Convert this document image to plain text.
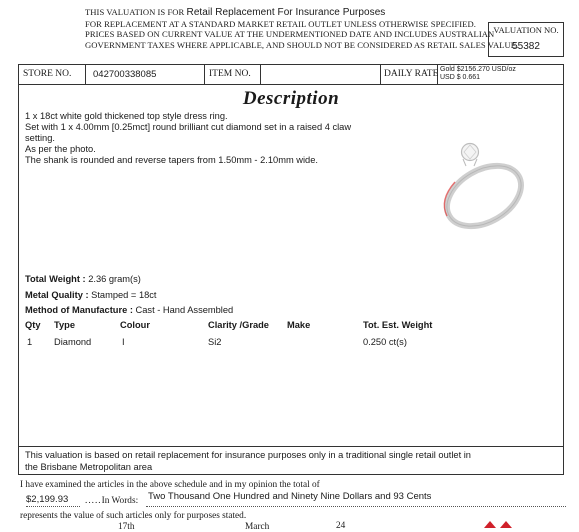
THIS VALUATION IS FOR Retail Replacement For Insurance Purposes
FOR REPLACEMENT AT A STANDARD MARKET RETAIL OUTLET UNLESS OTHERWISE SPECIFIED.
PRICES BASED ON CURRENT VALUE AT THE UNDERMENTIONED DATE AND INCLUDES AUSTRALIAN
GOVERNMENT TAXES WHERE APPLICABLE, AND SHOULD NOT BE CONSIDERED AS RETAIL SALES VALUE.
VALUATION NO.
55382
STORE NO. 042700338085	ITEM NO.	DAILY RATE Gold $2156.270 USD/oz
USD $ 0.661
Description
1 x 18ct white gold thickened top style dress ring.
Set with 1 x 4.00mm [0.25mct] round brilliant cut diamond set in a raised 4 claw
setting.
As per the photo.
The shank is rounded and reverse tapers from 1.50mm - 2.10mm wide.
Total Weight : 2.36 gram(s)
Metal Quality : Stamped = 18ct
Method of Manufacture : Cast - Hand Assembled
Qty Type	Colour	Clarity /Grade Make	Tot. Est. Weight
1 Diamond	I	Si2	0.250 ct(s)
This valuation is based on retail replacement for insurance purposes only in a traditional single retail outlet in
the Brisbane Metropolitan area
I have examined the articles in the above schedule and in my opinion the total of
$2,199.93 .....In Words: Two Thousand One Hundred and Ninety Nine Dollars and 93 Cents
represents the value of such articles only for purposes stated.
17th	March	24
